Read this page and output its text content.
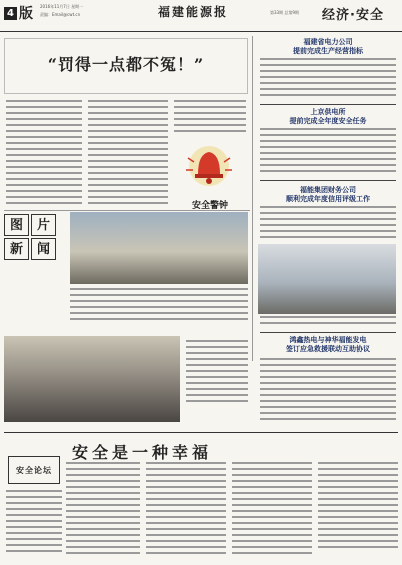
4 版 2016年11月7日 星期一
责编：Email@cwt.cn	福建能源报	第33期 总第9期 经济·安全
“罚得一点都不冤！”
安全警钟
图	片
新	闻
福建省电力公司
提前完成生产经营指标
上京供电所
提前完成全年度安全任务
福能集团财务公司
顺利完成年度信用评级工作
鸿鑫热电与神华福能发电
签订应急救援联动互助协议
安全是一种幸福
安全论坛
